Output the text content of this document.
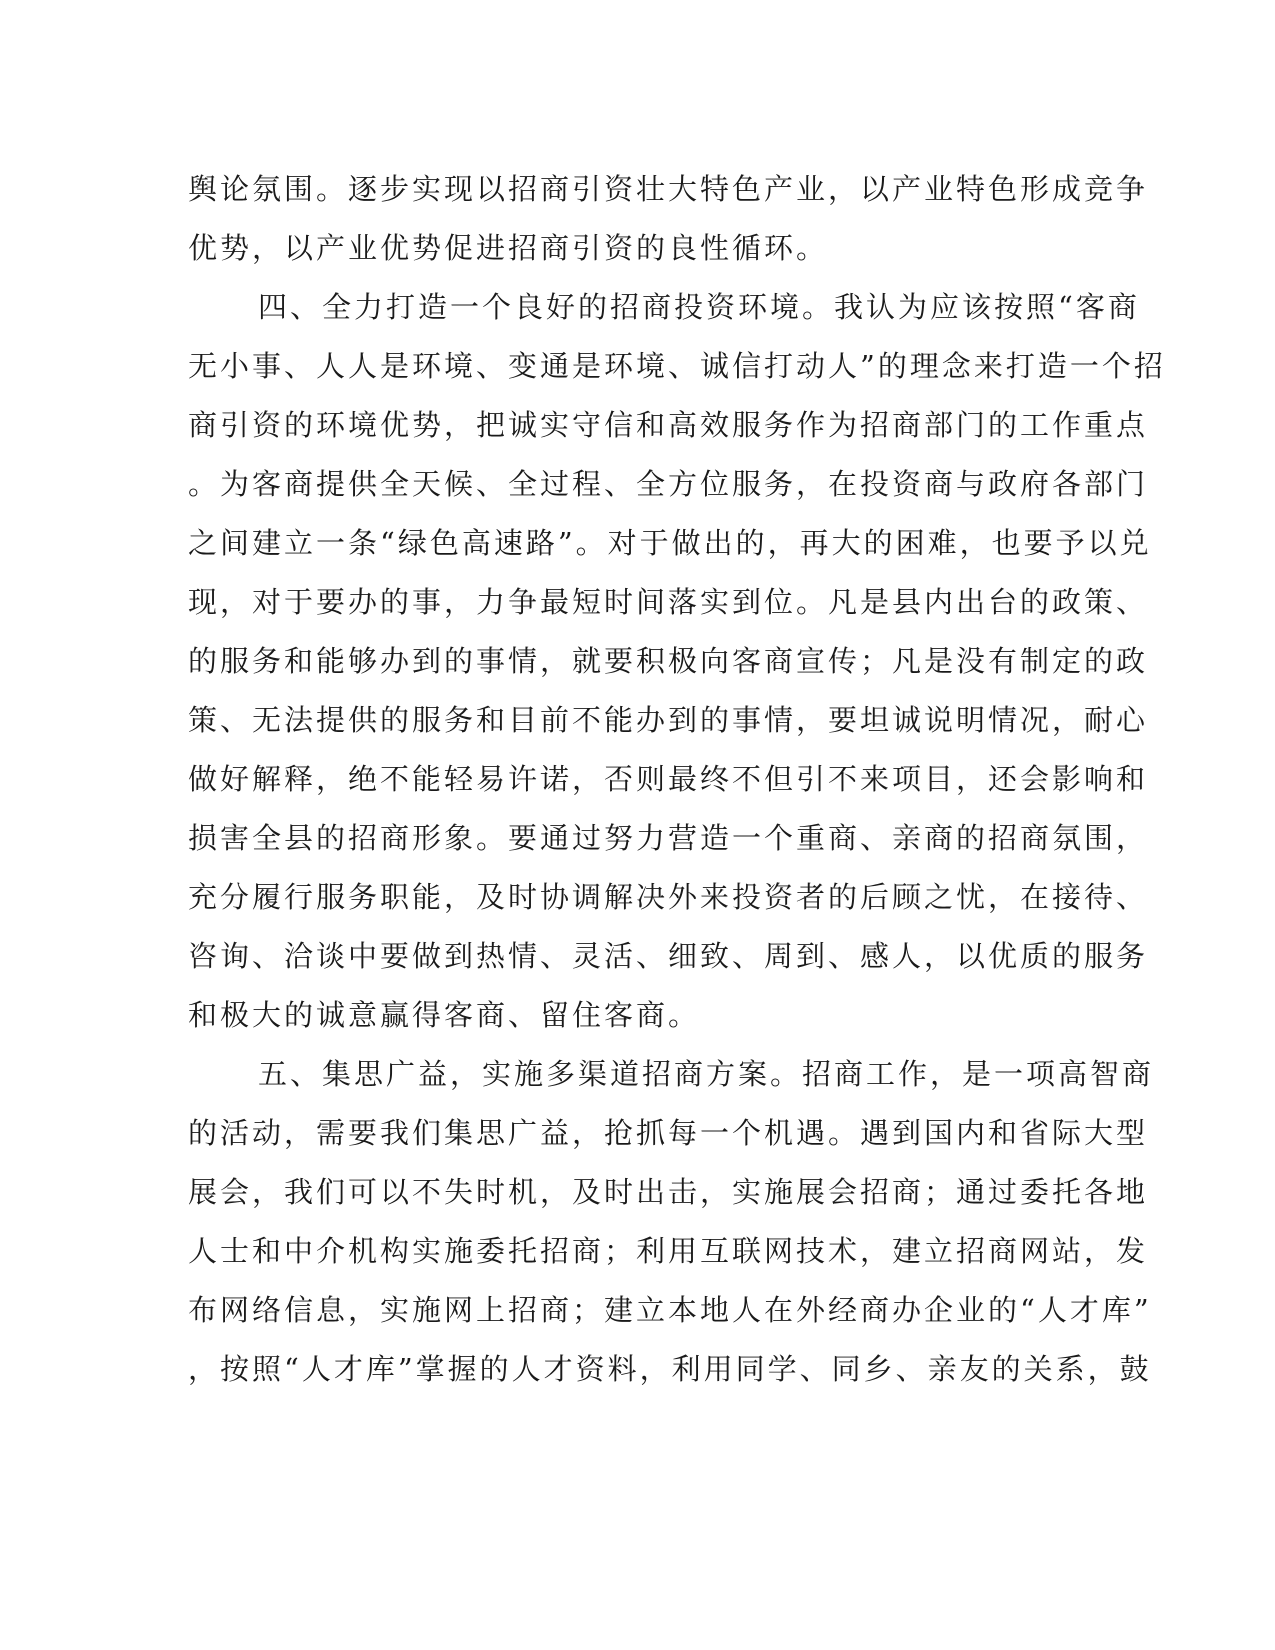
舆论氛围。逐步实现以招商引资壮大特色产业，以产业特色形成竞争
优势，以产业优势促进招商引资的良性循环。
四、全力打造一个良好的招商投资环境。我认为应该按照“客商
无小事、人人是环境、变通是环境、诚信打动人”的理念来打造一个招
商引资的环境优势，把诚实守信和高效服务作为招商部门的工作重点
。为客商提供全天候、全过程、全方位服务，在投资商与政府各部门
之间建立一条“绿色高速路”。对于做出的，再大的困难，也要予以兑
现，对于要办的事，力争最短时间落实到位。凡是县内出台的政策、
的服务和能够办到的事情，就要积极向客商宣传；凡是没有制定的政
策、无法提供的服务和目前不能办到的事情，要坦诚说明情况，耐心
做好解释，绝不能轻易许诺，否则最终不但引不来项目，还会影响和
损害全县的招商形象。要通过努力营造一个重商、亲商的招商氛围，
充分履行服务职能，及时协调解决外来投资者的后顾之忧，在接待、
咨询、洽谈中要做到热情、灵活、细致、周到、感人，以优质的服务
和极大的诚意赢得客商、留住客商。
五、集思广益，实施多渠道招商方案。招商工作，是一项高智商
的活动，需要我们集思广益，抢抓每一个机遇。遇到国内和省际大型
展会，我们可以不失时机，及时出击，实施展会招商；通过委托各地
人士和中介机构实施委托招商；利用互联网技术，建立招商网站，发
布网络信息，实施网上招商；建立本地人在外经商办企业的“人才库”
，按照“人才库”掌握的人才资料，利用同学、同乡、亲友的关系，鼓
